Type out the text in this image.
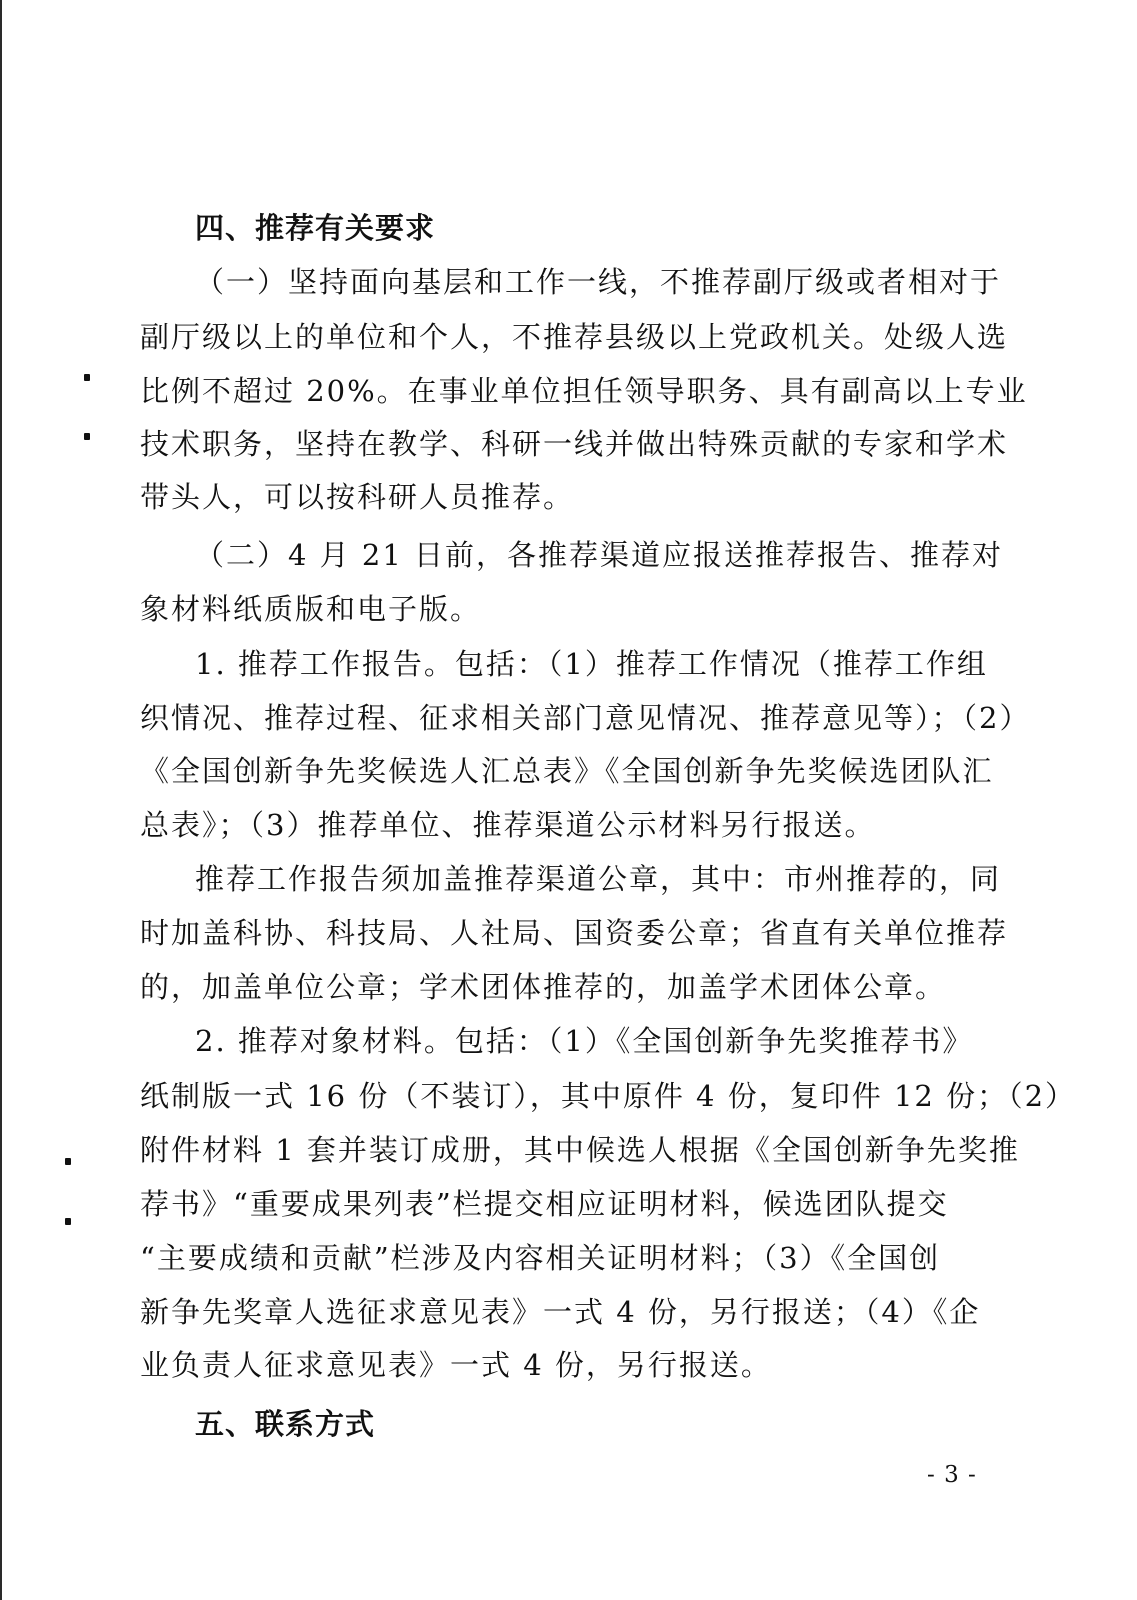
四、推荐有关要求
（一）坚持面向基层和工作一线，不推荐副厅级或者相对于
副厅级以上的单位和个人，不推荐县级以上党政机关。处级人选
比例不超过 20%。在事业单位担任领导职务、具有副高以上专业
技术职务，坚持在教学、科研一线并做出特殊贡献的专家和学术
带头人，可以按科研人员推荐。
（二）4 月 21 日前，各推荐渠道应报送推荐报告、推荐对
象材料纸质版和电子版。
1. 推荐工作报告。包括：（1）推荐工作情况（推荐工作组
织情况、推荐过程、征求相关部门意见情况、推荐意见等）；（2）
《全国创新争先奖候选人汇总表》《全国创新争先奖候选团队汇
总表》；（3）推荐单位、推荐渠道公示材料另行报送。
推荐工作报告须加盖推荐渠道公章，其中：市州推荐的，同
时加盖科协、科技局、人社局、国资委公章；省直有关单位推荐
的，加盖单位公章；学术团体推荐的，加盖学术团体公章。
2. 推荐对象材料。包括：（1）《全国创新争先奖推荐书》
纸制版一式 16 份（不装订），其中原件 4 份，复印件 12 份；（2）
附件材料 1 套并装订成册，其中候选人根据《全国创新争先奖推
荐书》“重要成果列表”栏提交相应证明材料，候选团队提交
“主要成绩和贡献”栏涉及内容相关证明材料；（3）《全国创
新争先奖章人选征求意见表》一式 4 份，另行报送；（4）《企
业负责人征求意见表》一式 4 份，另行报送。
五、联系方式
- 3 -
